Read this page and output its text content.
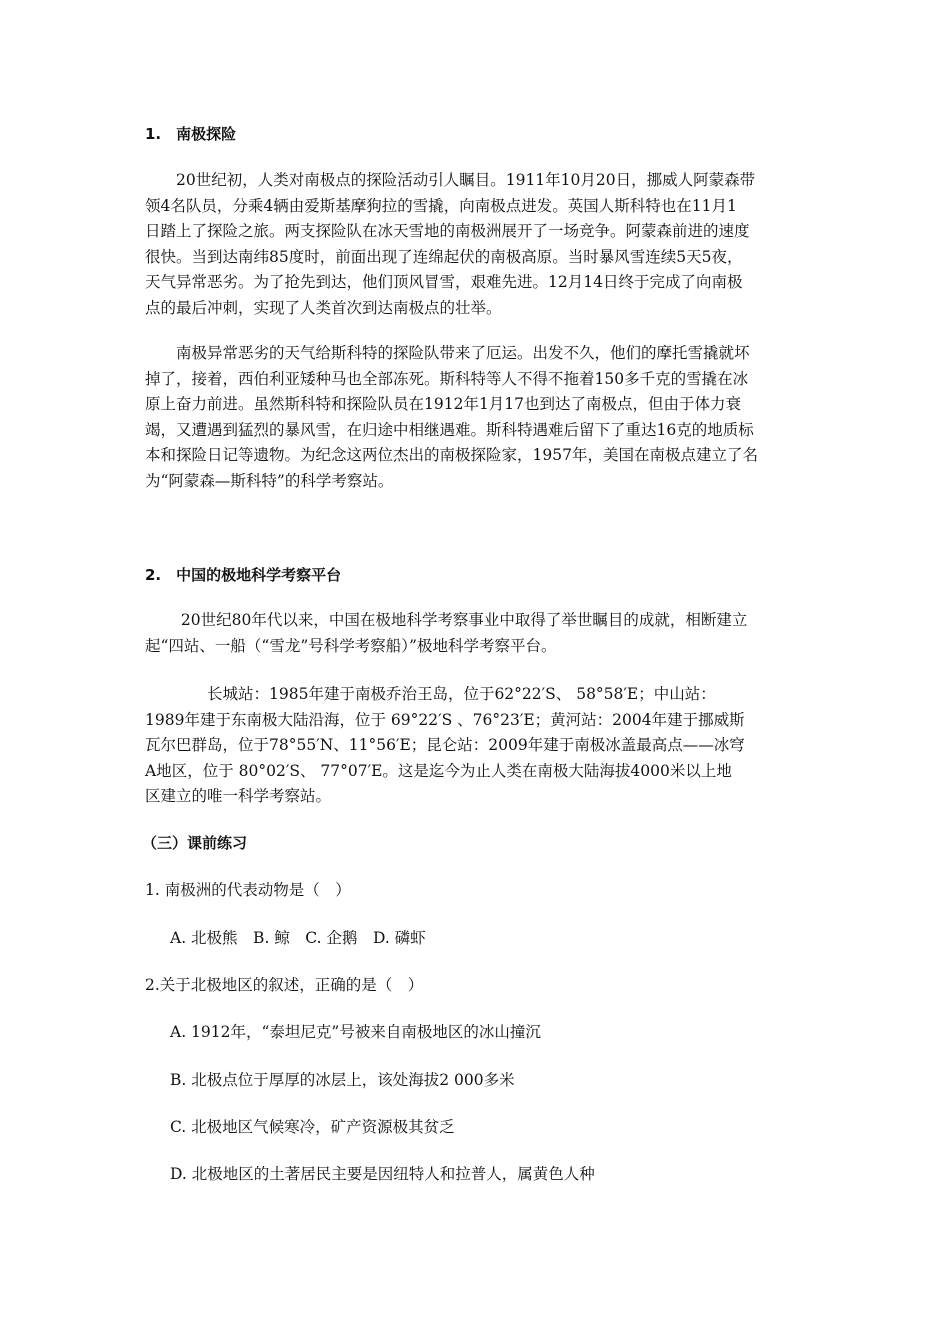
1.　南极探险

　　20世纪初，人类对南极点的探险活动引人瞩目。1911年10月20日，挪威人阿蒙森带
领4名队员，分乘4辆由爱斯基摩狗拉的雪撬，向南极点进发。英国人斯科特也在11月1
日踏上了探险之旅。两支探险队在冰天雪地的南极洲展开了一场竞争。阿蒙森前进的速度
很快。当到达南纬85度时，前面出现了连绵起伏的南极高原。当时暴风雪连续5天5夜，
天气异常恶劣。为了抢先到达，他们顶风冒雪，艰难先进。12月14日终于完成了向南极
点的最后冲刺，实现了人类首次到达南极点的壮举。

　　南极异常恶劣的天气给斯科特的探险队带来了厄运。出发不久，他们的摩托雪撬就坏
掉了，接着，西伯利亚矮种马也全部冻死。斯科特等人不得不拖着150多千克的雪撬在冰
原上奋力前进。虽然斯科特和探险队员在1912年1月17也到达了南极点，但由于体力衰
竭，又遭遇到猛烈的暴风雪，在归途中相继遇难。斯科特遇难后留下了重达16克的地质标
本和探险日记等遗物。为纪念这两位杰出的南极探险家，1957年，美国在南极点建立了名
为“阿蒙森—斯科特”的科学考察站。

2.　中国的极地科学考察平台

　　 20世纪80年代以来，中国在极地科学考察事业中取得了举世瞩目的成就，相断建立
起“四站、一船（“雪龙”号科学考察船）”极地科学考察平台。

　　　　长城站：1985年建于南极乔治王岛，位于62°22′S、 58°58′E；中山站：
1989年建于东南极大陆沿海，位于 69°22′S 、76°23′E；黄河站：2004年建于挪威斯
瓦尔巴群岛，位于78°55′N、11°56′E；昆仑站：2009年建于南极冰盖最高点——冰穹
A地区，位于 80°02′S、 77°07′E。这是迄今为止人类在南极大陆海拔4000米以上地
区建立的唯一科学考察站。

（三）课前练习
1. 南极洲的代表动物是（　）
A. 北极熊　B. 鲸　C. 企鹅　D. 磷虾
2.关于北极地区的叙述，正确的是（　）
A. 1912年，“泰坦尼克”号被来自南极地区的冰山撞沉
B. 北极点位于厚厚的冰层上，该处海拔2 000多米
C. 北极地区气候寒冷，矿产资源极其贫乏
D. 北极地区的土著居民主要是因纽特人和拉普人，属黄色人种
